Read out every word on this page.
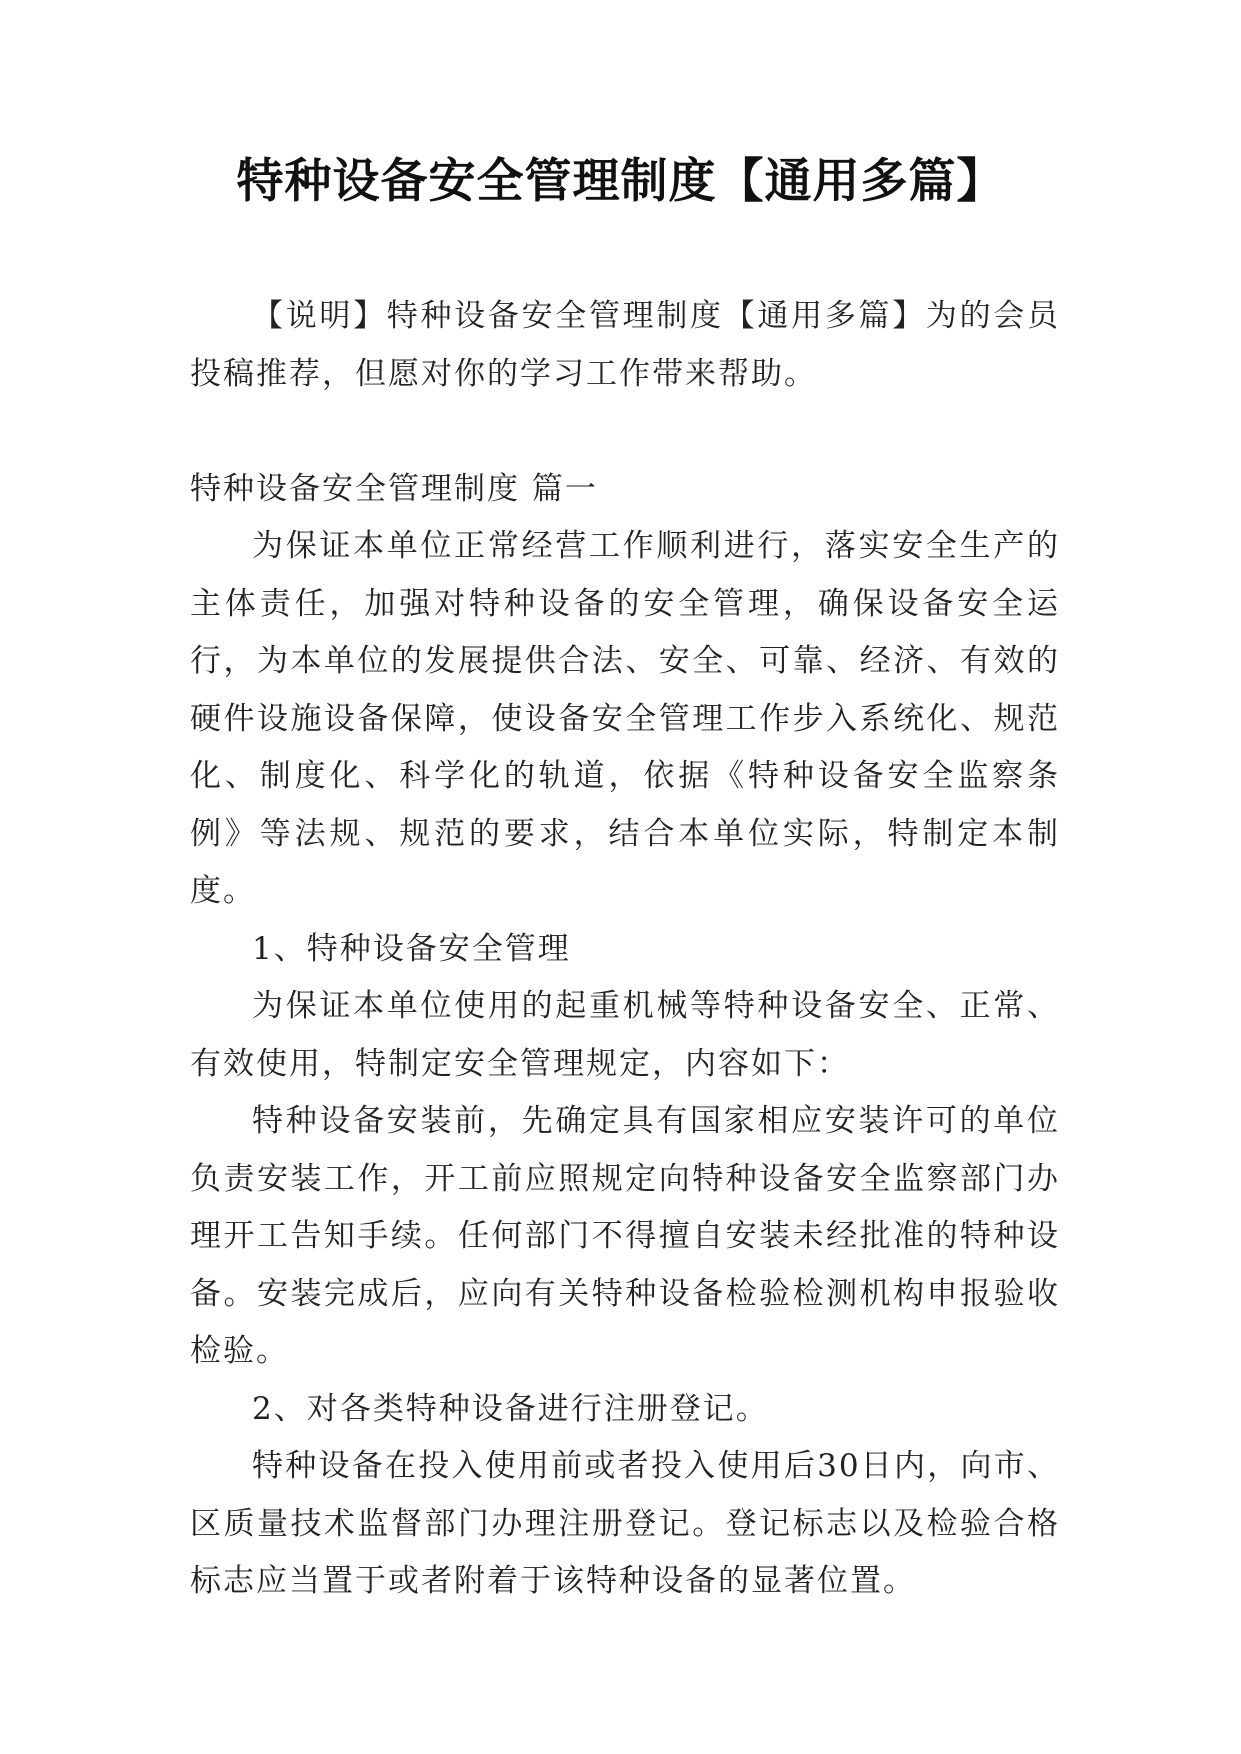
特种设备安全管理制度【通用多篇】

【说明】特种设备安全管理制度【通用多篇】为的会员投稿推荐，但愿对你的学习工作带来帮助。

特种设备安全管理制度 篇一

为保证本单位正常经营工作顺利进行，落实安全生产的主体责任，加强对特种设备的安全管理，确保设备安全运行，为本单位的发展提供合法、安全、可靠、经济、有效的硬件设施设备保障，使设备安全管理工作步入系统化、规范化、制度化、科学化的轨道，依据《特种设备安全监察条例》等法规、规范的要求，结合本单位实际，特制定本制度。

1、特种设备安全管理

为保证本单位使用的起重机械等特种设备安全、正常、有效使用，特制定安全管理规定，内容如下：

特种设备安装前，先确定具有国家相应安装许可的单位负责安装工作，开工前应照规定向特种设备安全监察部门办理开工告知手续。任何部门不得擅自安装未经批准的特种设备。安装完成后，应向有关特种设备检验检测机构申报验收检验。

2、对各类特种设备进行注册登记。

特种设备在投入使用前或者投入使用后30日内，向市、区质量技术监督部门办理注册登记。登记标志以及检验合格标志应当置于或者附着于该特种设备的显著位置。
